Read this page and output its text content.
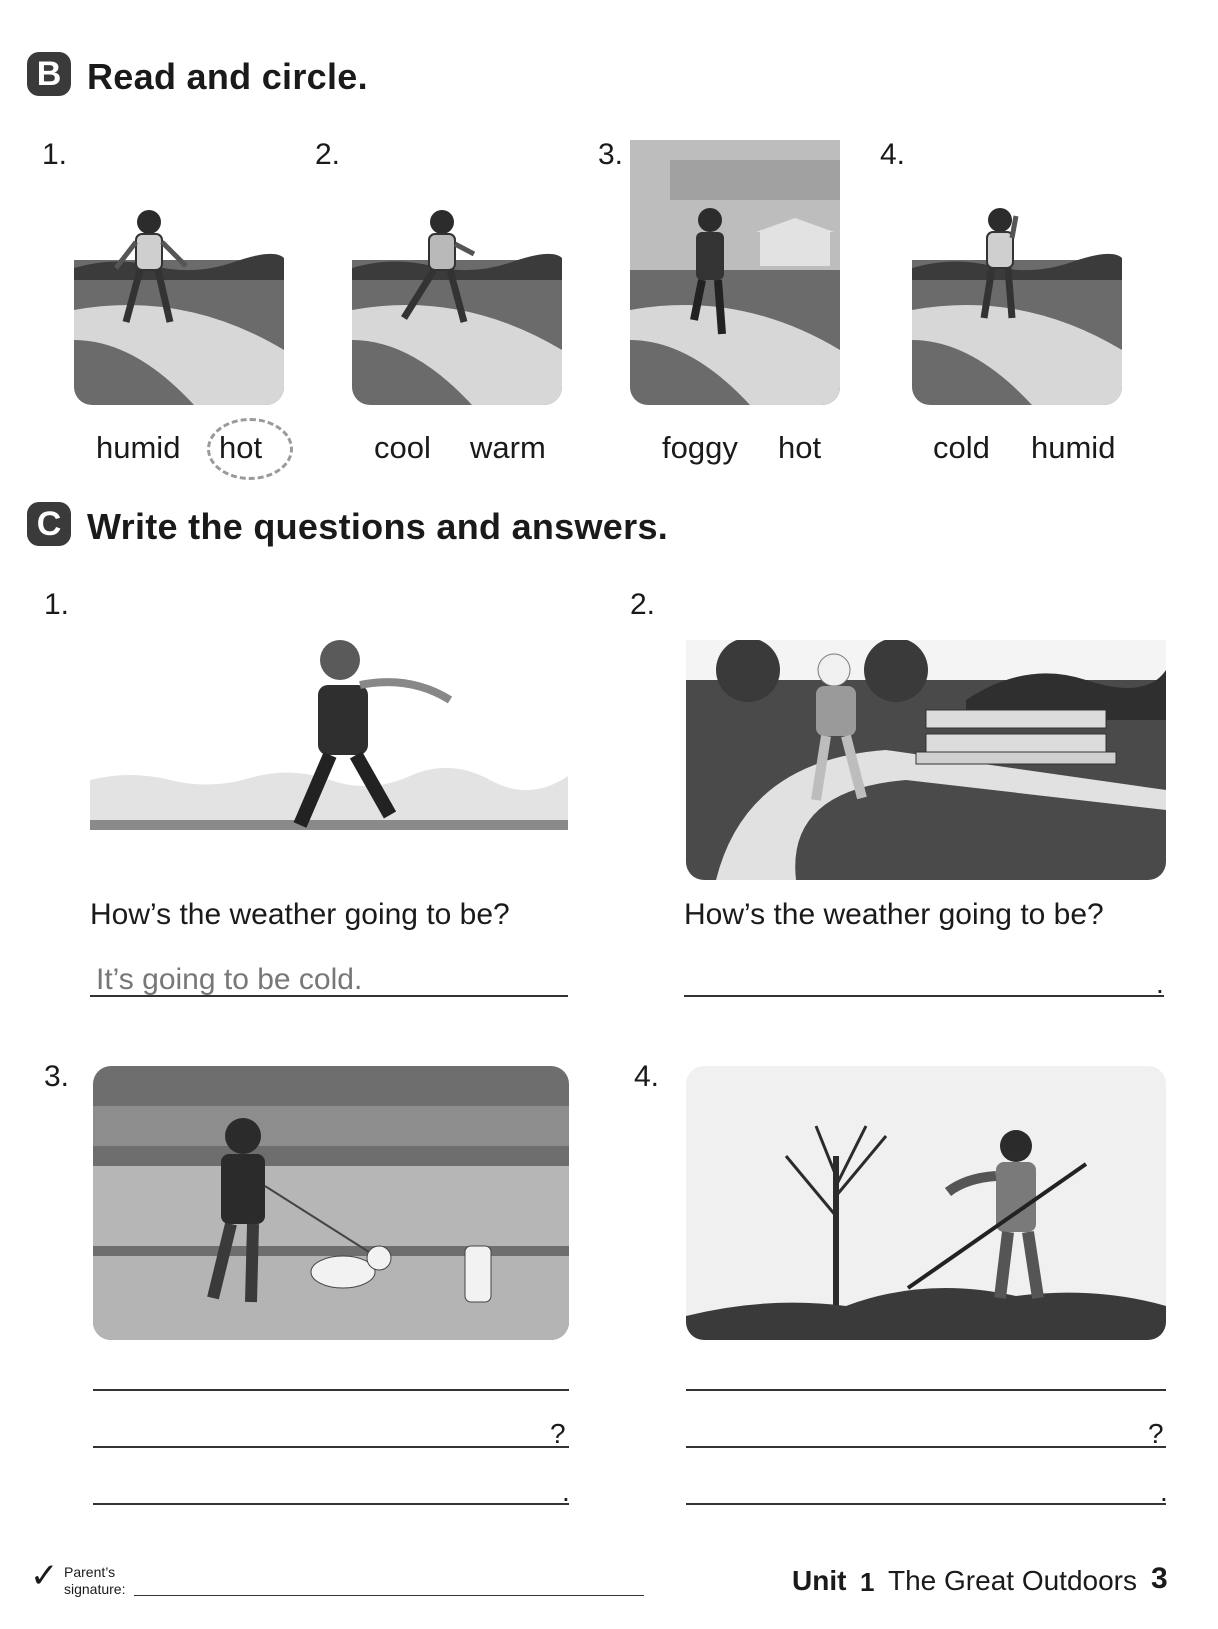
B Read and circle.
1.	2.	3.	4.
humid hot	cool warm	foggy hot	cold humid
C Write the questions and answers.
1.	2.
How’s the weather going to be?
It’s going to be cold.
How’s the weather going to be?
.
3.	4.
?
.
?
.
✓ Parent’s
signature:	Unit 1 The Great Outdoors 3
